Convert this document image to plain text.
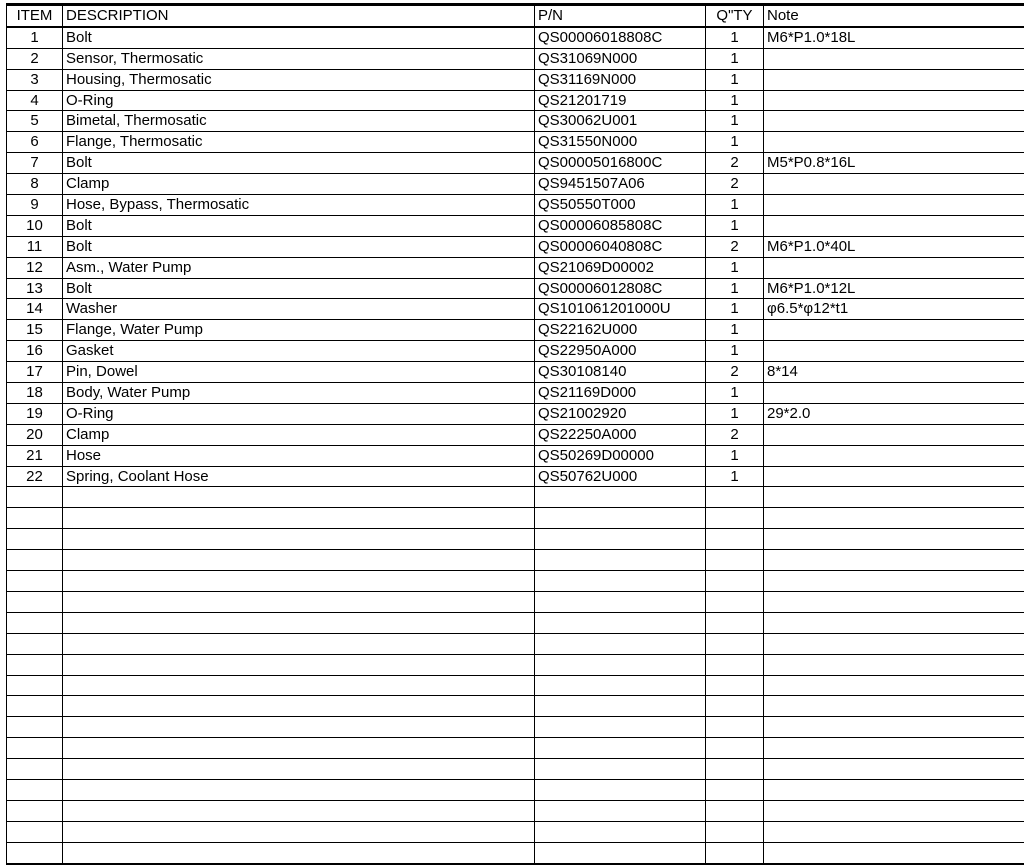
ITEM	DESCRIPTION	P/N	Q"TY	Note
1	Bolt	QS00006018808C	1	M6*P1.0*18L
2	Sensor, Thermosatic	QS31069N000	1	
3	Housing, Thermosatic	QS31169N000	1	
4	O-Ring	QS21201719	1	
5	Bimetal, Thermosatic	QS30062U001	1	
6	Flange, Thermosatic	QS31550N000	1	
7	Bolt	QS00005016800C	2	M5*P0.8*16L
8	Clamp	QS9451507A06	2	
9	Hose, Bypass, Thermosatic	QS50550T000	1	
10	Bolt	QS00006085808C	1	
11	Bolt	QS00006040808C	2	M6*P1.0*40L
12	Asm., Water Pump	QS21069D00002	1	
13	Bolt	QS00006012808C	1	M6*P1.0*12L
14	Washer	QS101061201000U	1	φ6.5*φ12*t1
15	Flange, Water Pump	QS22162U000	1	
16	Gasket	QS22950A000	1	
17	Pin, Dowel	QS30108140	2	8*14
18	Body, Water Pump	QS21169D000	1	
19	O-Ring	QS21002920	1	29*2.0
20	Clamp	QS22250A000	2	
21	Hose	QS50269D00000	1	
22	Spring, Coolant Hose	QS50762U000	1	
